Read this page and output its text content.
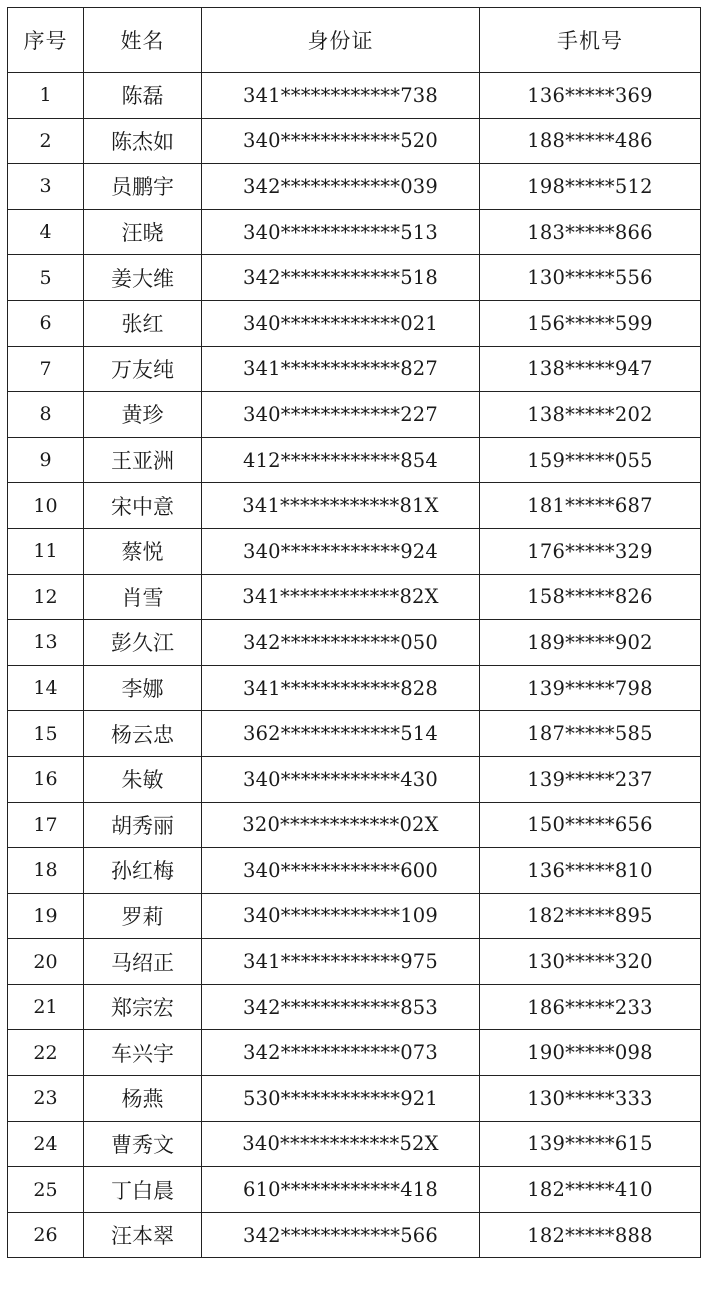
序号	姓名	身份证	手机号
1	陈磊	341************738	136*****369
2	陈杰如	340************520	188*****486
3	员鹏宇	342************039	198*****512
4	汪晓	340************513	183*****866
5	姜大维	342************518	130*****556
6	张红	340************021	156*****599
7	万友纯	341************827	138*****947
8	黄珍	340************227	138*****202
9	王亚洲	412************854	159*****055
10	宋中意	341************81X	181*****687
11	蔡悦	340************924	176*****329
12	肖雪	341************82X	158*****826
13	彭久江	342************050	189*****902
14	李娜	341************828	139*****798
15	杨云忠	362************514	187*****585
16	朱敏	340************430	139*****237
17	胡秀丽	320************02X	150*****656
18	孙红梅	340************600	136*****810
19	罗莉	340************109	182*****895
20	马绍正	341************975	130*****320
21	郑宗宏	342************853	186*****233
22	车兴宇	342************073	190*****098
23	杨燕	530************921	130*****333
24	曹秀文	340************52X	139*****615
25	丁白晨	610************418	182*****410
26	汪本翠	342************566	182*****888
